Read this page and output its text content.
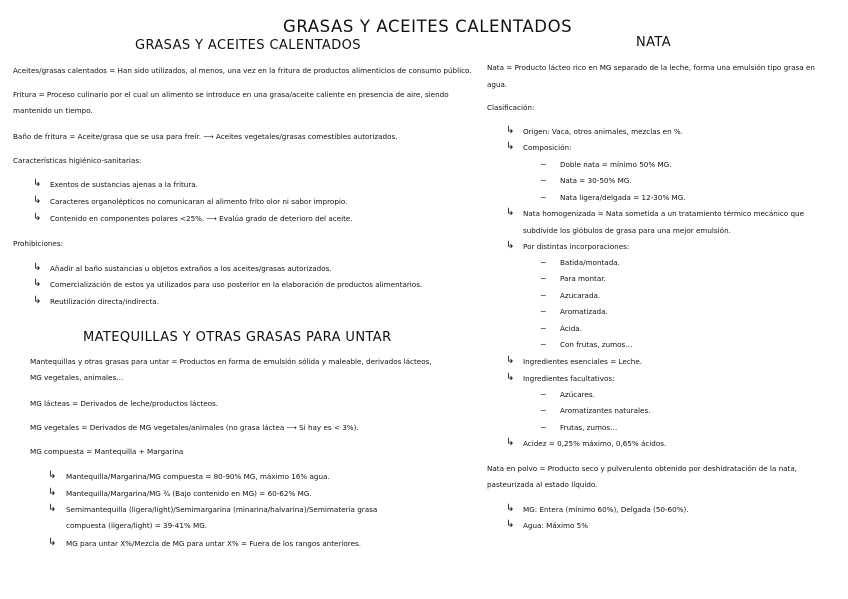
GRASAS Y ACEITES CALENTADOS
GRASAS Y ACEITES CALENTADOS
Aceites/grasas calentados = Han sido utilizados, al menos, una vez en la fritura de productos alimenticios de consumo público.
Fritura = Proceso culinario por el cual un alimento se introduce en una grasa/aceite caliente en presencia de aire, siendo
mantenido un tiempo.
Baño de fritura = Aceite/grasa que se usa para freír. ⟶ Aceites vegetales/grasas comestibles autorizados.
Características higiénico-sanitarias:
↳ Exentos de sustancias ajenas a la fritura.
↳ Caracteres organolépticos no comunicaran al alimento frito olor ni sabor impropio.
↳ Contenido en componentes polares <25%. ⟶ Evalúa grado de deterioro del aceite.
Prohibiciones:
↳ Añadir al baño sustancias u objetos extraños a los aceites/grasas autorizados.
↳ Comercialización de estos ya utilizados para uso posterior en la elaboración de productos alimentarios.
↳ Reutilización directa/indirecta.
MATEQUILLAS Y OTRAS GRASAS PARA UNTAR
Mantequillas y otras grasas para untar = Productos en forma de emulsión sólida y maleable, derivados lácteos,
MG vegetales, animales…
MG lácteas = Derivados de leche/productos lácteos.
MG vegetales = Derivados de MG vegetales/animales (no grasa láctea ⟶ Si hay es < 3%).
MG compuesta = Mantequilla + Margarina
↳ Mantequilla/Margarina/MG compuesta = 80-90% MG, máximo 16% agua.
↳ Mantequilla/Margarina/MG ¾ (Bajo contenido en MG) = 60-62% MG.
↳ Semimantequilla (ligera/light)/Semimargarina (minarina/halvarina)/Semimateria grasa
compuesta (ligera/light) = 39-41% MG.
↳ MG para untar X%/Mezcla de MG para untar X% = Fuera de los rangos anteriores.
NATA
Nata = Producto lácteo rico en MG separado de la leche, forma una emulsión tipo grasa en
agua.
Clasificación:
↳ Origen: Vaca, otros animales, mezclas en %.
↳ Composición:
~ Doble nata = mínimo 50% MG.
~ Nata = 30-50% MG.
~ Nata ligera/delgada = 12-30% MG.
↳ Nata homogenizada = Nata sometida a un tratamiento térmico mecánico que
subdivide los glóbulos de grasa para una mejor emulsión.
↳ Por distintas incorporaciones:
~ Batida/montada.
~ Para montar.
~ Azucarada.
~ Aromatizada.
~ Ácida.
~ Con frutas, zumos…
↳ Ingredientes esenciales = Leche.
↳ Ingredientes facultativos:
~ Azúcares.
~ Aromatizantes naturales.
~ Frutas, zumos…
↳ Acidez = 0,25% máximo, 0,65% ácidos.
Nata en polvo = Producto seco y pulverulento obtenido por deshidratación de la nata,
pasteurizada al estado líquido.
↳ MG: Entera (mínimo 60%), Delgada (50-60%).
↳ Agua: Máximo 5%
